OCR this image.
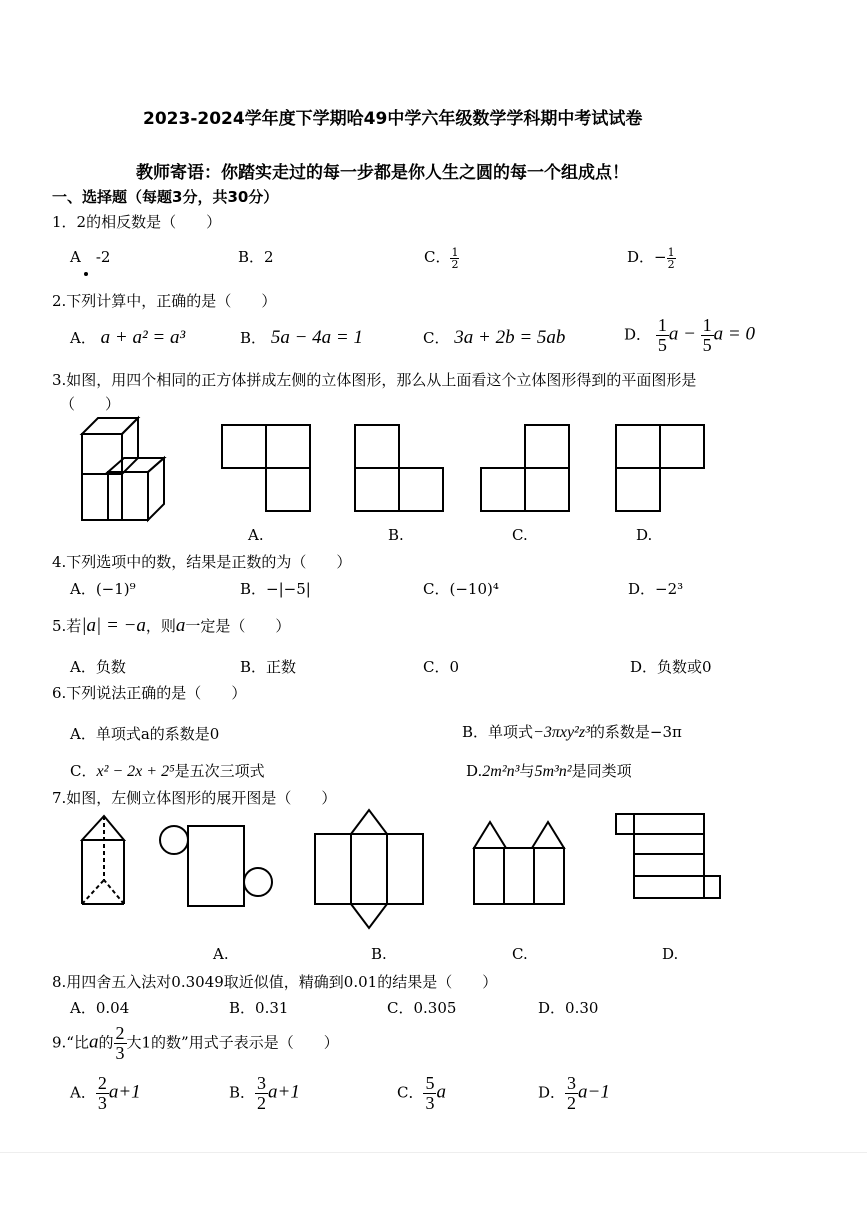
2023-2024学年度下学期哈49中学六年级数学学科期中考试试卷
教师寄语：你踏实走过的每一步都是你人生之圆的每一个组成点！
一、选择题（每题3分，共30分）
1．2的相反数是（　　）
A　-2	B．2	C． $\frac{1}{2}$	D．− $\frac{1}{2}$
2.下列计算中，正确的是（　　）
A． a + a² = a³	B． 5a − 4a = 1	C． 3a + 2b = 5ab	D． $\frac{1}{5}$ $a - \frac{1}{5}$ a = 0
3.如图，用四个相同的正方体拼成左侧的立体图形，那么从上面看这个立体图形得到的平面图形是
（　　）
A.	B.	C.	D.
4.下列选项中的数，结果是正数的为（　　）
A．(−1)⁹	B．−|−5|	C．(−10)⁴	D．−2³
5.若|a| = −a，则a一定是（　　）
A．负数	B．正数	C．0	D．负数或0
6.下列说法正确的是（　　）
A．单项式a的系数是0	B．单项式−3πxy²z³的系数是−3π
C．x² − 2x + 2⁵是五次三项式	D.2m²n³与5m³n²是同类项
7.如图，左侧立体图形的展开图是（　　）
A.	B.	C.	D.
8.用四舍五入法对0.3049取近似值，精确到0.01的结果是（　　）
A．0.04	B．0.31	C．0.305	D．0.30
9.“比a的 $\frac{2}{3}$ 大1的数”用式子表示是（　　）
A． $\frac{2}{3} a+1$	B． $\frac{3}{2} a+1$	C． $\frac{5}{3}$ a	D． $\frac{3}{2} a-1$
